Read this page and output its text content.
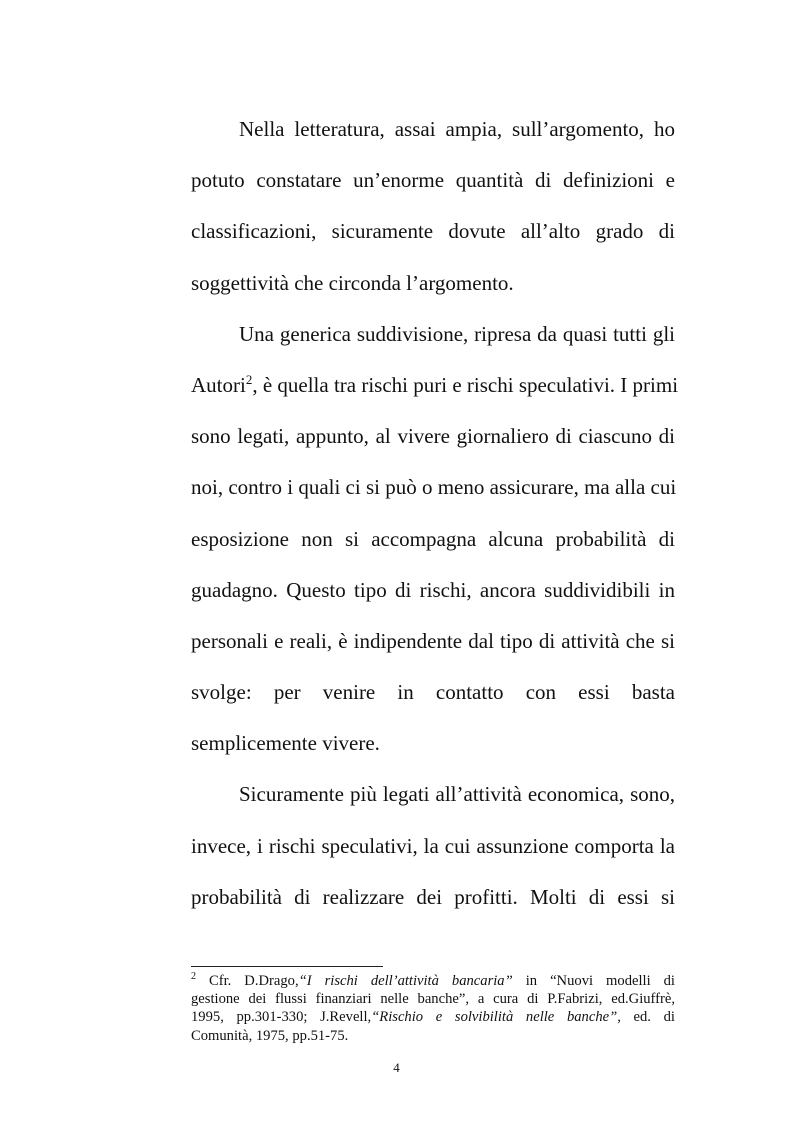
Nella letteratura, assai ampia, sull’argomento, ho
potuto constatare un’enorme quantità di definizioni e
classificazioni, sicuramente dovute all’alto grado di
soggettività che circonda l’argomento.

Una generica suddivisione, ripresa da quasi tutti gli
Autori$^2$, è quella tra rischi puri e rischi speculativi. I primi
sono legati, appunto, al vivere giornaliero di ciascuno di
noi, contro i quali ci si può o meno assicurare, ma alla cui
esposizione non si accompagna alcuna probabilità di
guadagno. Questo tipo di rischi, ancora suddividibili in
personali e reali, è indipendente dal tipo di attività che si
svolge: per venire in contatto con essi basta
semplicemente vivere.

Sicuramente più legati all’attività economica, sono,
invece, i rischi speculativi, la cui assunzione comporta la
probabilità di realizzare dei profitti. Molti di essi si

$^2$ Cfr. D.Drago,“I rischi dell’attività bancaria” in “Nuovi modelli di
gestione dei flussi finanziari nelle banche”, a cura di P.Fabrizi, ed.Giuffrè,
1995, pp.301-330; J.Revell,“Rischio e solvibilità nelle banche”, ed. di
Comunità, 1975, pp.51-75.
4
